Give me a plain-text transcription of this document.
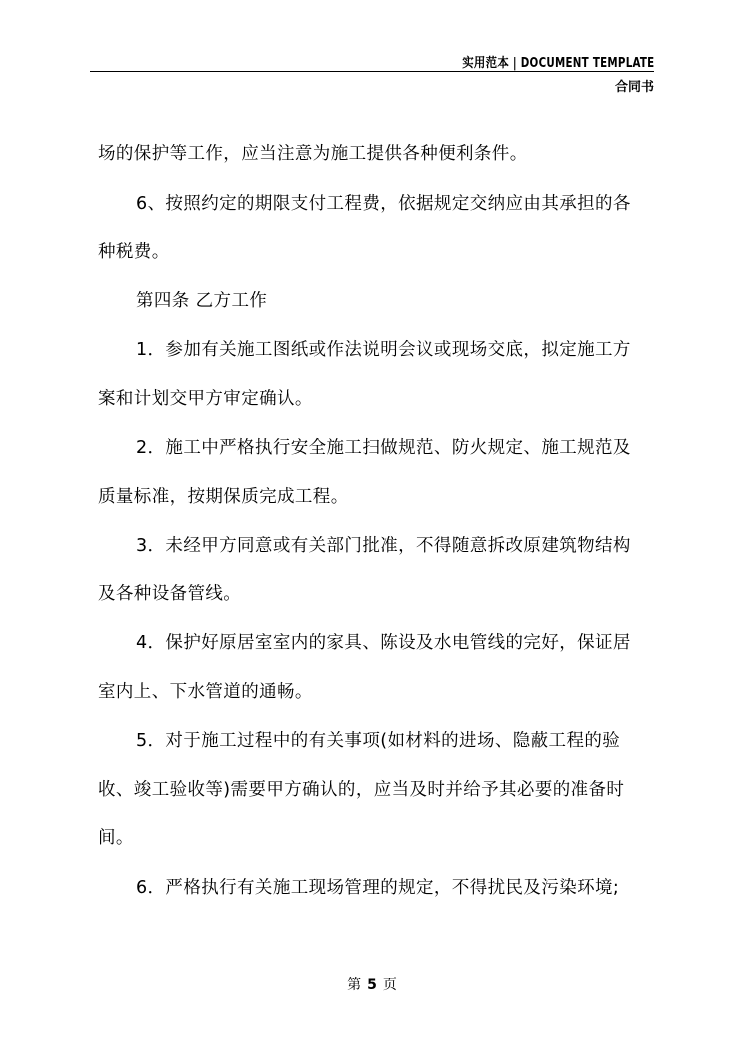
实用范本 | DOCUMENT TEMPLATE
合同书
场的保护等工作，应当注意为施工提供各种便利条件。
6、按照约定的期限支付工程费，依据规定交纳应由其承担的各
种税费。
第四条 乙方工作
1．参加有关施工图纸或作法说明会议或现场交底，拟定施工方
案和计划交甲方审定确认。
2．施工中严格执行安全施工扫做规范、防火规定、施工规范及
质量标准，按期保质完成工程。
3．未经甲方同意或有关部门批准，不得随意拆改原建筑物结构
及各种设备管线。
4．保护好原居室室内的家具、陈设及水电管线的完好，保证居
室内上、下水管道的通畅。
5．对于施工过程中的有关事项(如材料的进场、隐蔽工程的验
收、竣工验收等)需要甲方确认的，应当及时并给予其必要的准备时
间。
6．严格执行有关施工现场管理的规定，不得扰民及污染环境;
第 5 页
